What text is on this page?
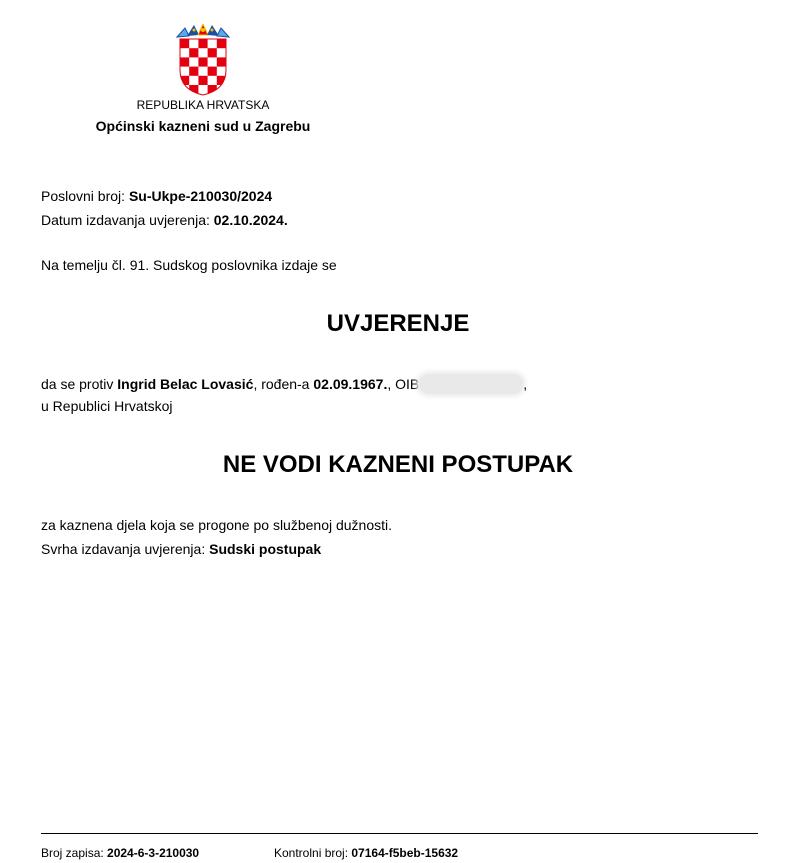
REPUBLIKA HRVATSKA
Općinski kazneni sud u Zagrebu
Poslovni broj: Su-Ukpe-210030/2024
Datum izdavanja uvjerenja: 02.10.2024.
Na temelju čl. 91. Sudskog poslovnika izdaje se
UVJERENJE
da se protiv Ingrid Belac Lovasić, rođen-a 02.09.1967., OIB	,
u Republici Hrvatskoj
NE VODI KAZNENI POSTUPAK
za kaznena djela koja se progone po službenoj dužnosti.
Svrha izdavanja uvjerenja: Sudski postupak
Broj zapisa: 2024-6-3-210030	Kontrolni broj: 07164-f5beb-15632
